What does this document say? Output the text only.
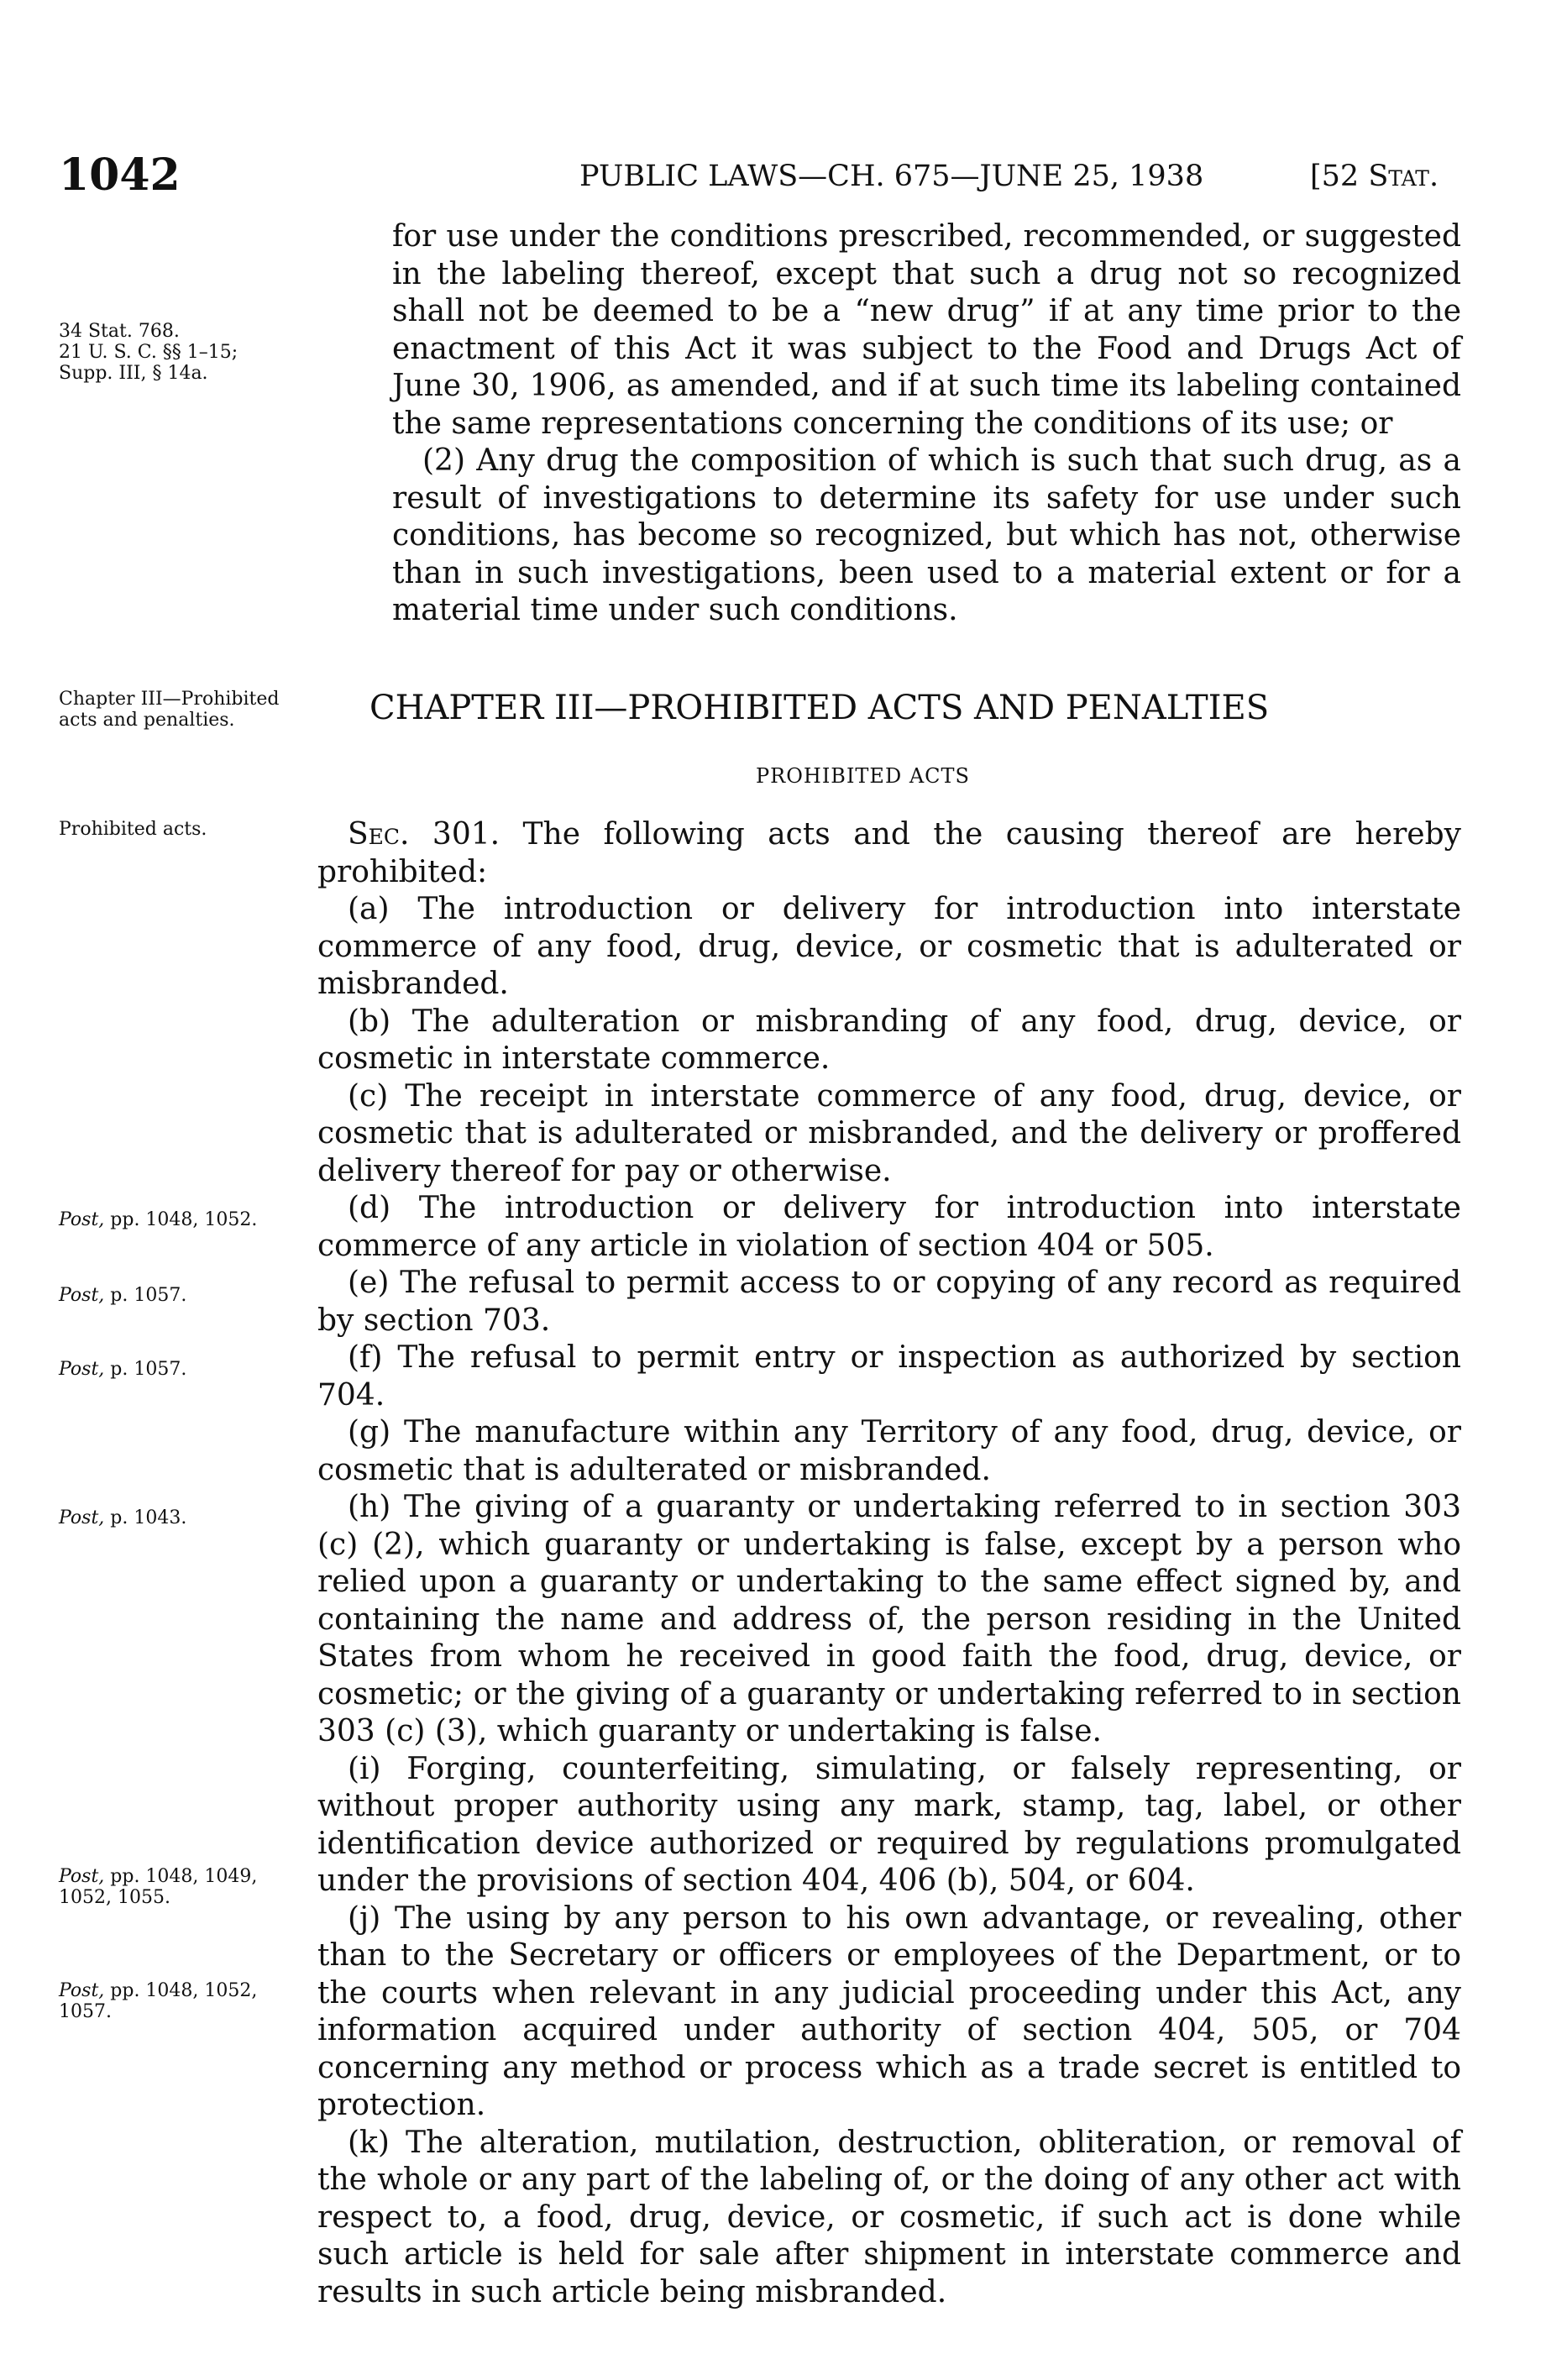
1042	PUBLIC LAWS—CH. 675—JUNE 25, 1938	[52 Stat.
34 Stat. 768.
21 U. S. C. §§ 1–15;
Supp. III, § 14a.
Chapter III—Prohibited acts and penalties.
Prohibited acts.
Post, pp. 1048, 1052.
Post, p. 1057.
Post, p. 1057.
Post, p. 1043.
Post, pp. 1048, 1049, 1052, 1055.
Post, pp. 1048, 1052, 1057.

for use under the conditions prescribed, recommended, or suggested in the labeling thereof, except that such a drug not so recognized shall not be deemed to be a “new drug” if at any time prior to the enactment of this Act it was subject to the Food and Drugs Act of June 30, 1906, as amended, and if at such time its labeling contained the same representations concerning the conditions of its use; or

(2) Any drug the composition of which is such that such drug, as a result of investigations to determine its safety for use under such conditions, has become so recognized, but which has not, otherwise than in such investigations, been used to a material extent or for a material time under such conditions.

CHAPTER III—PROHIBITED ACTS AND PENALTIES
PROHIBITED ACTS

Sec. 301. The following acts and the causing thereof are hereby prohibited:

(a) The introduction or delivery for introduction into interstate commerce of any food, drug, device, or cosmetic that is adulterated or misbranded.

(b) The adulteration or misbranding of any food, drug, device, or cosmetic in interstate commerce.

(c) The receipt in interstate commerce of any food, drug, device, or cosmetic that is adulterated or misbranded, and the delivery or proffered delivery thereof for pay or otherwise.

(d) The introduction or delivery for introduction into interstate commerce of any article in violation of section 404 or 505.

(e) The refusal to permit access to or copying of any record as required by section 703.

(f) The refusal to permit entry or inspection as authorized by section 704.

(g) The manufacture within any Territory of any food, drug, device, or cosmetic that is adulterated or misbranded.

(h) The giving of a guaranty or undertaking referred to in section 303 (c) (2), which guaranty or undertaking is false, except by a person who relied upon a guaranty or undertaking to the same effect signed by, and containing the name and address of, the person residing in the United States from whom he received in good faith the food, drug, device, or cosmetic; or the giving of a guaranty or undertaking referred to in section 303 (c) (3), which guaranty or undertaking is false.

(i) Forging, counterfeiting, simulating, or falsely representing, or without proper authority using any mark, stamp, tag, label, or other identification device authorized or required by regulations promulgated under the provisions of section 404, 406 (b), 504, or 604.

(j) The using by any person to his own advantage, or revealing, other than to the Secretary or officers or employees of the Department, or to the courts when relevant in any judicial proceeding under this Act, any information acquired under authority of section 404, 505, or 704 concerning any method or process which as a trade secret is entitled to protection.

(k) The alteration, mutilation, destruction, obliteration, or removal of the whole or any part of the labeling of, or the doing of any other act with respect to, a food, drug, device, or cosmetic, if such act is done while such article is held for sale after shipment in interstate commerce and results in such article being misbranded.
